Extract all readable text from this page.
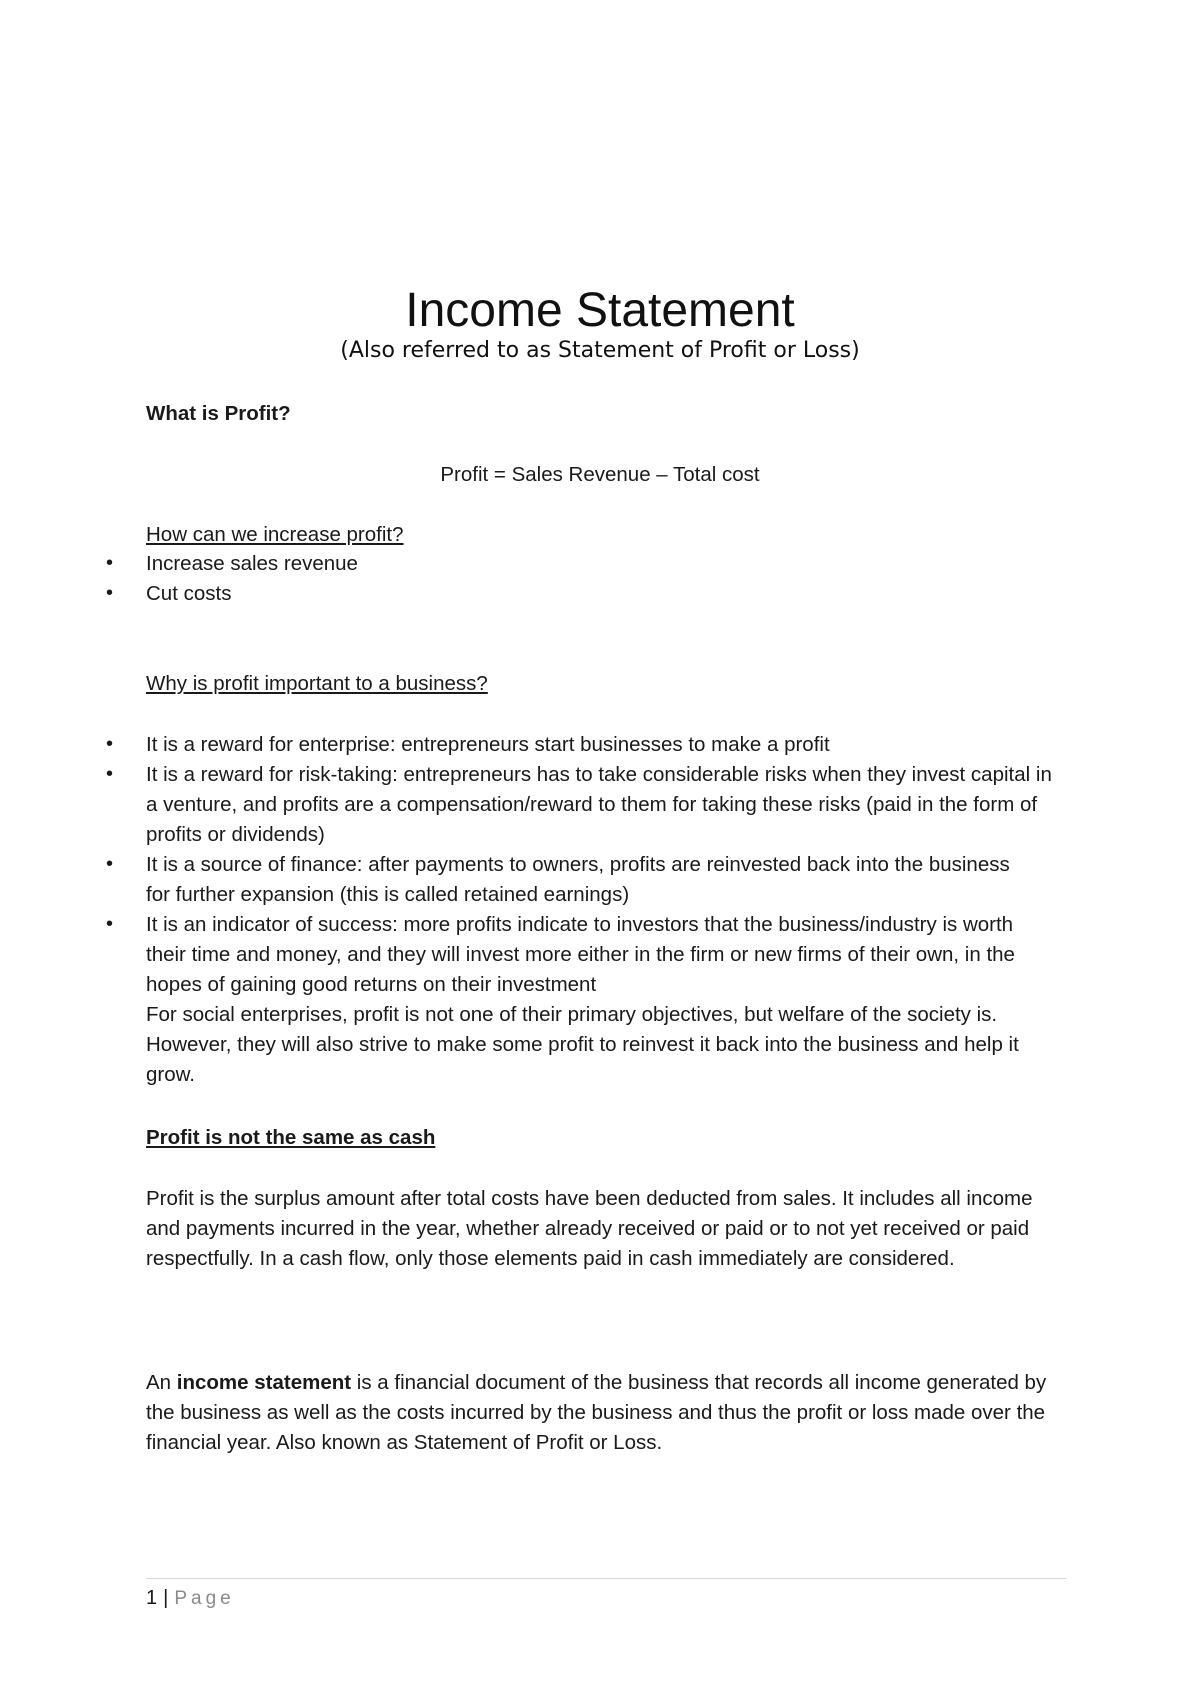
Income Statement
(Also referred to as Statement of Profit or Loss)
What is Profit?
Profit = Sales Revenue – Total cost
How can we increase profit?
• Increase sales revenue
• Cut costs
Why is profit important to a business?
• It is a reward for enterprise: entrepreneurs start businesses to make a profit
• It is a reward for risk-taking: entrepreneurs has to take considerable risks when they invest capital in a venture, and profits are a compensation/reward to them for taking these risks (paid in the form of profits or dividends)
• It is a source of finance: after payments to owners, profits are reinvested back into the business for further expansion (this is called retained earnings)
• It is an indicator of success: more profits indicate to investors that the business/industry is worth their time and money, and they will invest more either in the firm or new firms of their own, in the hopes of gaining good returns on their investment
For social enterprises, profit is not one of their primary objectives, but welfare of the society is. However, they will also strive to make some profit to reinvest it back into the business and help it grow.
Profit is not the same as cash
Profit is the surplus amount after total costs have been deducted from sales. It includes all income and payments incurred in the year, whether already received or paid or to not yet received or paid respectfully. In a cash flow, only those elements paid in cash immediately are considered.
An income statement is a financial document of the business that records all income generated by the business as well as the costs incurred by the business and thus the profit or loss made over the financial year. Also known as Statement of Profit or Loss.
1 | Page
